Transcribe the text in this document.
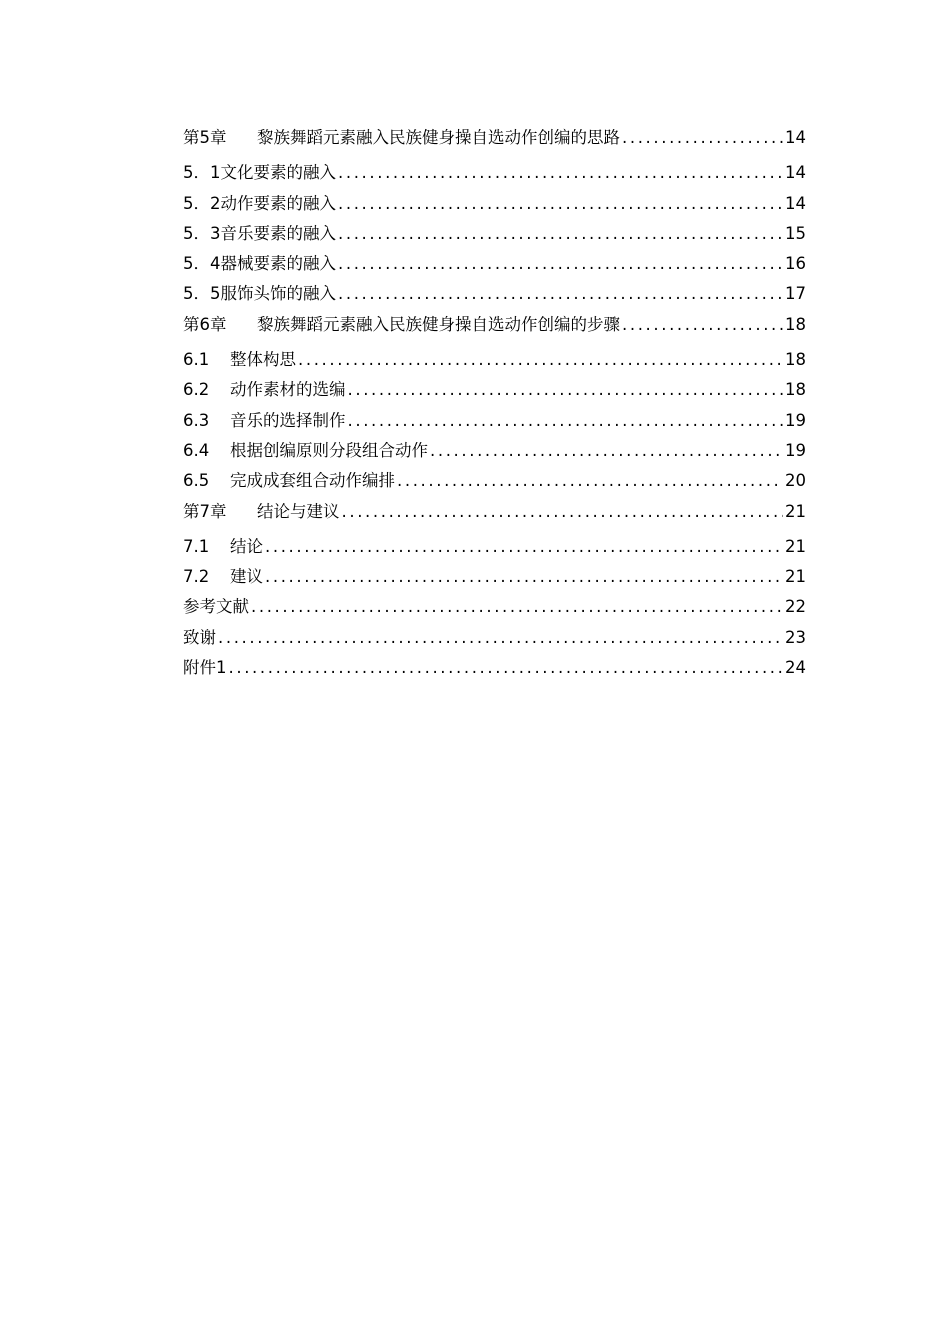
第5章	黎族舞蹈元素融入民族健身操自选动作创编的思路 .....	14
5．1 文化要素的融入 .....	14
5．2 动作要素的融入 .....	14
5．3 音乐要素的融入 .....	15
5．4 器械要素的融入 .....	16
5．5 服饰头饰的融入 .....	17
第6章	黎族舞蹈元素融入民族健身操自选动作创编的步骤 .....	18
6.1	整体构思 .....	18
6.2	动作素材的选编 .....	18
6.3	音乐的选择制作 .....	19
6.4	根据创编原则分段组合动作 .....	19
6.5	完成成套组合动作编排 .....	20
第7章	结论与建议 .....	21
7.1	结论 .....	21
7.2	建议 .....	21
参考文献 .....	22
致谢 .....	23
附件1 .....	24
